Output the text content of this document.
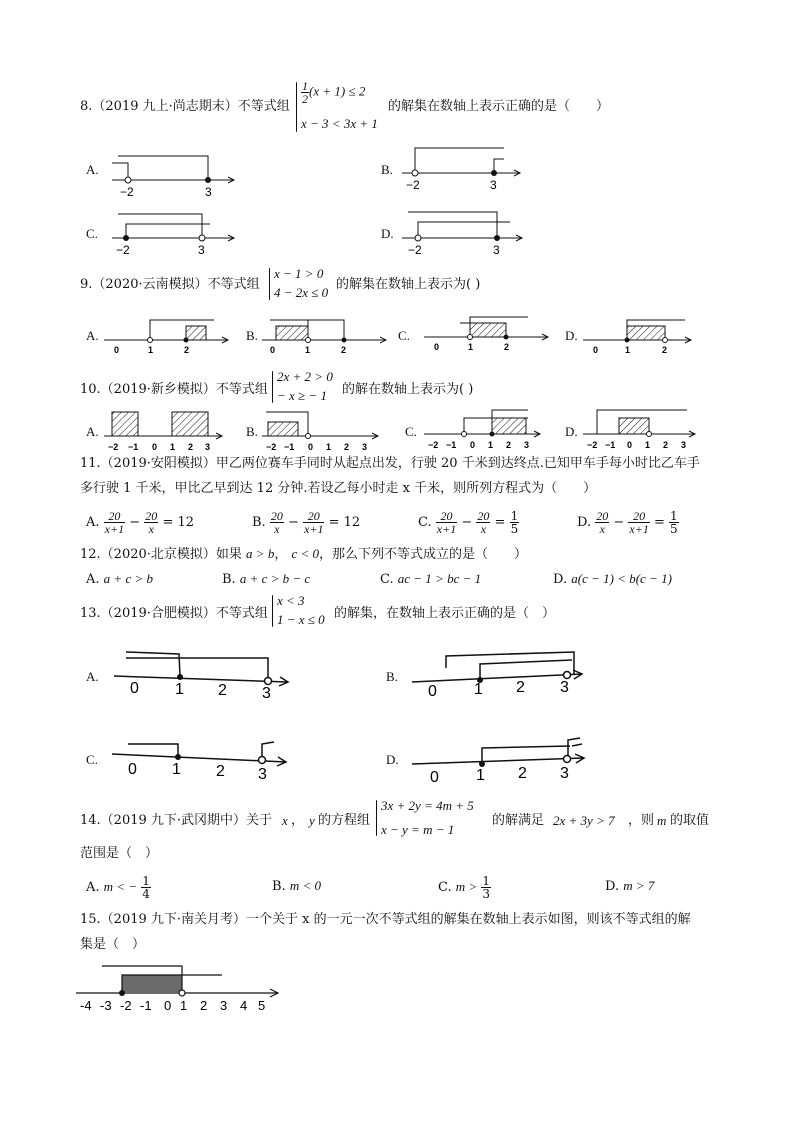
8.（2019 九上·尚志期末）不等式组
$\frac{1}{2} (x + 1) \le 2$
x − 3 < 3x + 1
的解集在数轴上表示正确的是（　　）
A.
−2	3
B.
−2	3
C.
−2	3
D.
−2	3
9.（2020·云南模拟）不等式组
x − 1 > 0
4 − 2x ≤ 0
的解集在数轴上表示为( )
A.
0	1	2
B.
0	1	2
C.
0	1	2
D.
0	1	2
10.（2019·新乡模拟）不等式组
2x + 2 > 0
− x ≥ − 1 的解在数轴上表示为( )
A.
−2 −1 0 1 2 3
B.
−2 −1 0 1 2 3
C.
−2 −1 0 1 2 3
D.
−2 −1 0 1 2 3
11.（2019·安阳模拟）甲乙两位赛车手同时从起点出发，行驶 20 千米到达终点.已知甲车手每小时比乙车手
多行驶 1 千米，甲比乙早到达 12 分钟.若设乙每小时走 x 千米，则所列方程式为（　　）
A. $\frac{20}{x+1} - \frac{20}{x} = 12$	B. $\frac{20}{x} - \frac{20}{x+1} = 12$	C. $\frac{20}{x+1} - \frac{20}{x} = \frac{1}{5}$	D. $\frac{20}{x} - \frac{20}{x+1} = \frac{1}{5}$
12.（2020·北京模拟）如果 a > b， c < 0，那么下列不等式成立的是（　　）
A. a + c > b	B. a + c > b − c	C. ac − 1 > bc − 1	D. a(c − 1) < b(c − 1)
13.（2019·合肥模拟）不等式组
x < 3
1 − x ≤ 0 的解集，在数轴上表示正确的是（　）
A.
0 1 2 3
B.
0 1 2 3
C.
0 1 2 3
D.
0 1 2 3
14.（2019 九下·武冈期中）关于 x ， y 的方程组
3x + 2y = 4m + 5
x − y = m − 1
的解满足 2x + 3y > 7 ，则 m 的取值
范围是（　）
A. m < − $\frac{1}{4}$	B. m < 0	C. $m > \frac{1}{3}$	D. m > 7
15.（2019 九下·南关月考）一个关于 x 的一元一次不等式组的解集在数轴上表示如图，则该不等式组的解
集是（　）
-4 -3 -2 -1 0 1 2 3 4 5
